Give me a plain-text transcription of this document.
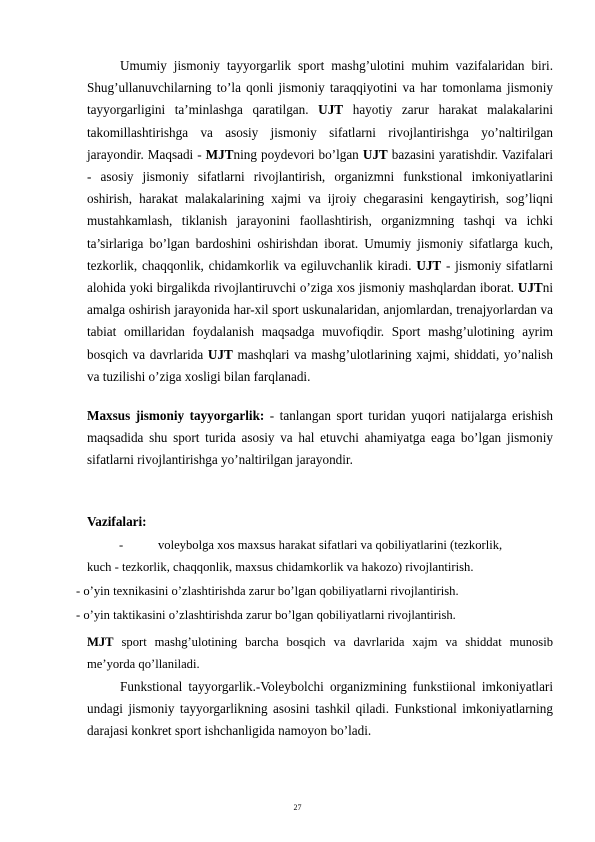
Umumiy jismoniy tayyorgarlik sport mashg’ulotini muhim vazifalaridan biri. Shug’ullanuvchilarning to’la qonli jismoniy taraqqiyotini va har tomonlama jismoniy tayyorgarligini ta’minlashga qaratilgan. UJT hayotiy zarur harakat malakalarini takomillashtirishga va asosiy jismoniy sifatlarni rivojlantirishga yo’naltirilgan jarayondir. Maqsadi - MJTning poydevori bo’lgan UJT bazasini yaratishdir. Vazifalari - asosiy jismoniy sifatlarni rivojlantirish, organizmni funkstional imkoniyatlarini oshirish, harakat malakalarining xajmi va ijroiy chegarasini kengaytirish, sog’liqni mustahkamlash, tiklanish jarayonini faollashtirish, organizmning tashqi va ichki ta’sirlariga bo’lgan bardoshini oshirishdan iborat. Umumiy jismoniy sifatlarga kuch, tezkorlik, chaqqonlik, chidamkorlik va egiluvchanlik kiradi. UJT - jismoniy sifatlarni alohida yoki birgalikda rivojlantiruvchi o’ziga xos jismoniy mashqlardan iborat. UJTni amalga oshirish jarayonida har-xil sport uskunalaridan, anjomlardan, trenajyorlardan va tabiat omillaridan foydalanish maqsadga muvofiqdir. Sport mashg’ulotining ayrim bosqich va davrlarida UJT mashqlari va mashg’ulotlarining xajmi, shiddati, yo’nalish va tuzilishi o’ziga xosligi bilan farqlanadi.

Maxsus jismoniy tayyorgarlik: - tanlangan sport turidan yuqori natijalarga erishish maqsadida shu sport turida asosiy va hal etuvchi ahamiyatga eaga bo’lgan jismoniy sifatlarni rivojlantirishga yo’naltirilgan jarayondir.

Vazifalari:

-	voleybolga xos maxsus harakat sifatlari va qobiliyatlarini (tezkorlik,

kuch - tezkorlik, chaqqonlik, maxsus chidamkorlik va hakozo) rivojlantirish.

- o’yin texnikasini o’zlashtirishda zarur bo’lgan qobiliyatlarni rivojlantirish.

- o’yin taktikasini o’zlashtirishda zarur bo’lgan qobiliyatlarni rivojlantirish.

MJT sport mashg’ulotining barcha bosqich va davrlarida xajm va shiddat munosib me’yorda qo’llaniladi.

Funkstional tayyorgarlik.-Voleybolchi organizmining funkstiional imkoniyatlari undagi jismoniy tayyorgarlikning asosini tashkil qiladi. Funkstional imkoniyatlarning darajasi konkret sport ishchanligida namoyon bo’ladi.

27
